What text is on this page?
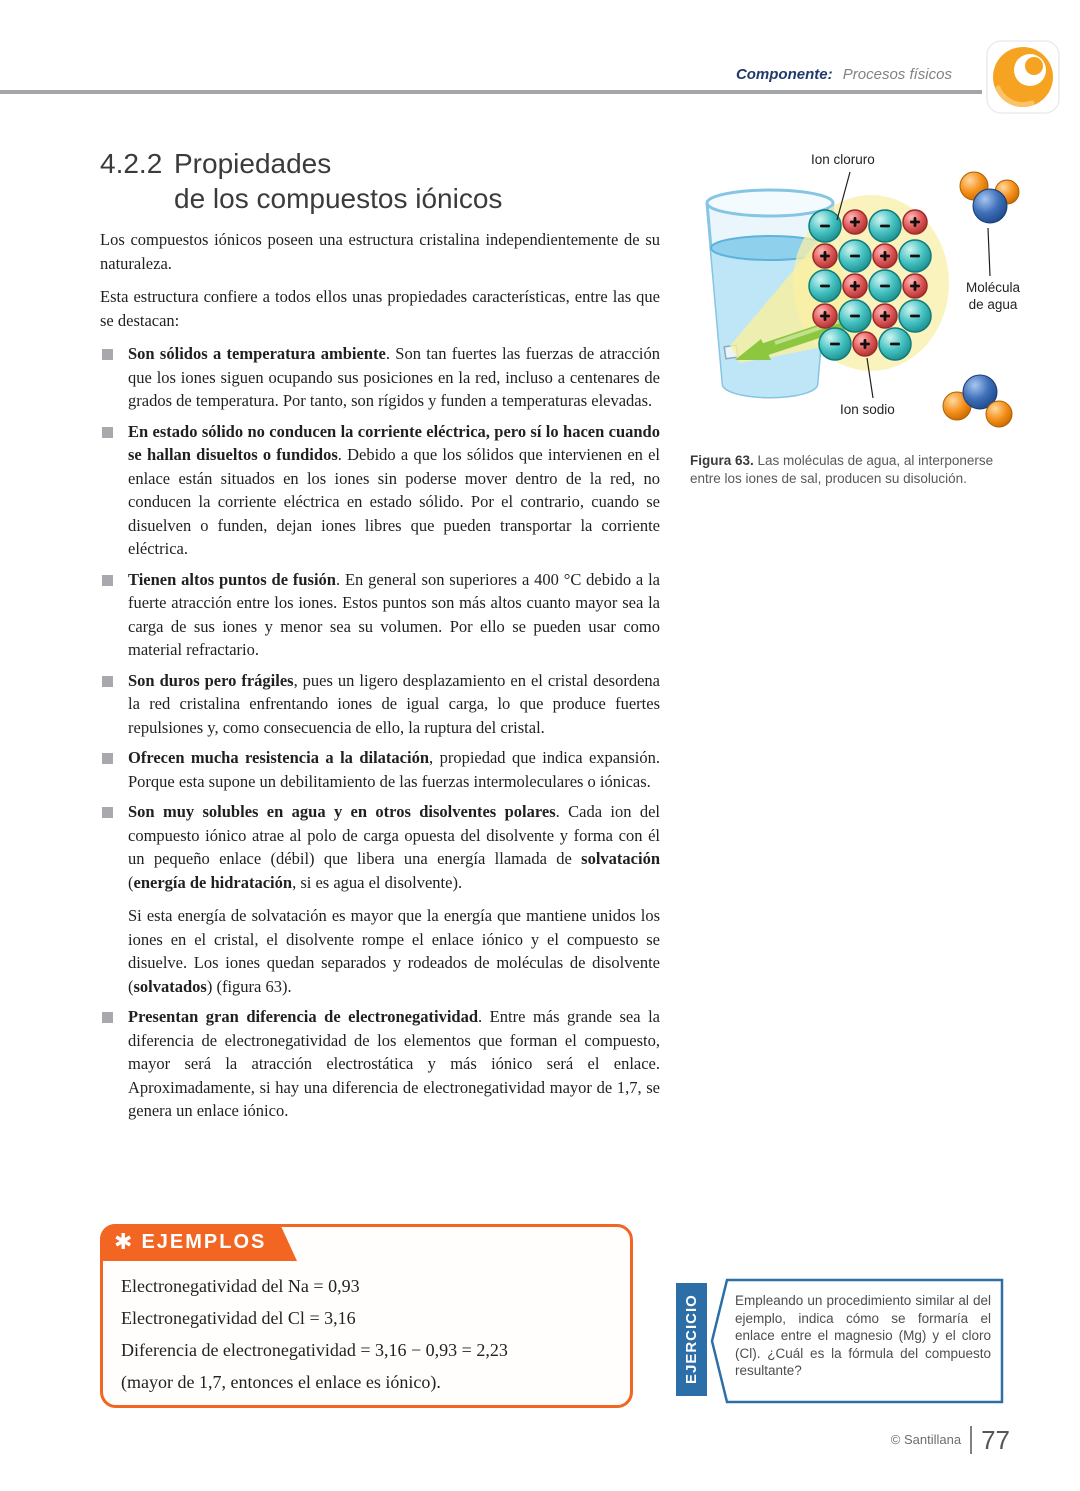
Componente: Procesos físicos
4.2.2 Propiedades
de los compuestos iónicos

Los compuestos iónicos poseen una estructura cristalina independientemente de su naturaleza.

Esta estructura confiere a todos ellos unas propiedades características, entre las que se destacan:

Son sólidos a temperatura ambiente. Son tan fuertes las fuerzas de atracción que los iones siguen ocupando sus posiciones en la red, incluso a centenares de grados de temperatura. Por tanto, son rígidos y funden a temperaturas elevadas.
En estado sólido no conducen la corriente eléctrica, pero sí lo hacen cuando se hallan disueltos o fundidos. Debido a que los sólidos que intervienen en el enlace están situados en los iones sin poderse mover dentro de la red, no conducen la corriente eléctrica en estado sólido. Por el contrario, cuando se disuelven o funden, dejan iones libres que pueden transportar la corriente eléctrica.
Tienen altos puntos de fusión. En general son superiores a 400 °C debido a la fuerte atracción entre los iones. Estos puntos son más altos cuanto mayor sea la carga de sus iones y menor sea su volumen. Por ello se pueden usar como material refractario.
Son duros pero frágiles, pues un ligero desplazamiento en el cristal desordena la red cristalina enfrentando iones de igual carga, lo que produce fuertes repulsiones y, como consecuencia de ello, la ruptura del cristal.
Ofrecen mucha resistencia a la dilatación, propiedad que indica expansión. Porque esta supone un debilitamiento de las fuerzas intermoleculares o iónicas.
Son muy solubles en agua y en otros disolventes polares. Cada ion del compuesto iónico atrae al polo de carga opuesta del disolvente y forma con él un pequeño enlace (débil) que libera una energía llamada de solvatación (energía de hidratación, si es agua el disolvente).
Si esta energía de solvatación es mayor que la energía que mantiene unidos los iones en el cristal, el disolvente rompe el enlace iónico y el compuesto se disuelve. Los iones quedan separados y rodeados de moléculas de disolvente (solvatados) (figura 63).
Presentan gran diferencia de electronegatividad. Entre más grande sea la diferencia de electronegatividad de los elementos que forman el compuesto, mayor será la atracción electrostática y más iónico será el enlace. Aproximadamente, si hay una diferencia de electronegatividad mayor de 1,7, se genera un enlace iónico.
Ion cloruro
Molécula
de agua
Ion sodio
Figura 63. Las moléculas de agua, al interponerse entre los iones de sal, producen su disolución.
✱ EJEMPLOS

Electronegatividad del Na = 0,93

Electronegatividad del Cl = 3,16

Diferencia de electronegatividad = 3,16 − 0,93 = 2,23

(mayor de 1,7, entonces el enlace es iónico).	EJERCICIO	Empleando un procedimiento similar al del ejemplo, indica cómo se formaría el enlace entre el magnesio (Mg) y el cloro (Cl). ¿Cuál es la fórmula del compuesto resultante?
© Santillana 77
